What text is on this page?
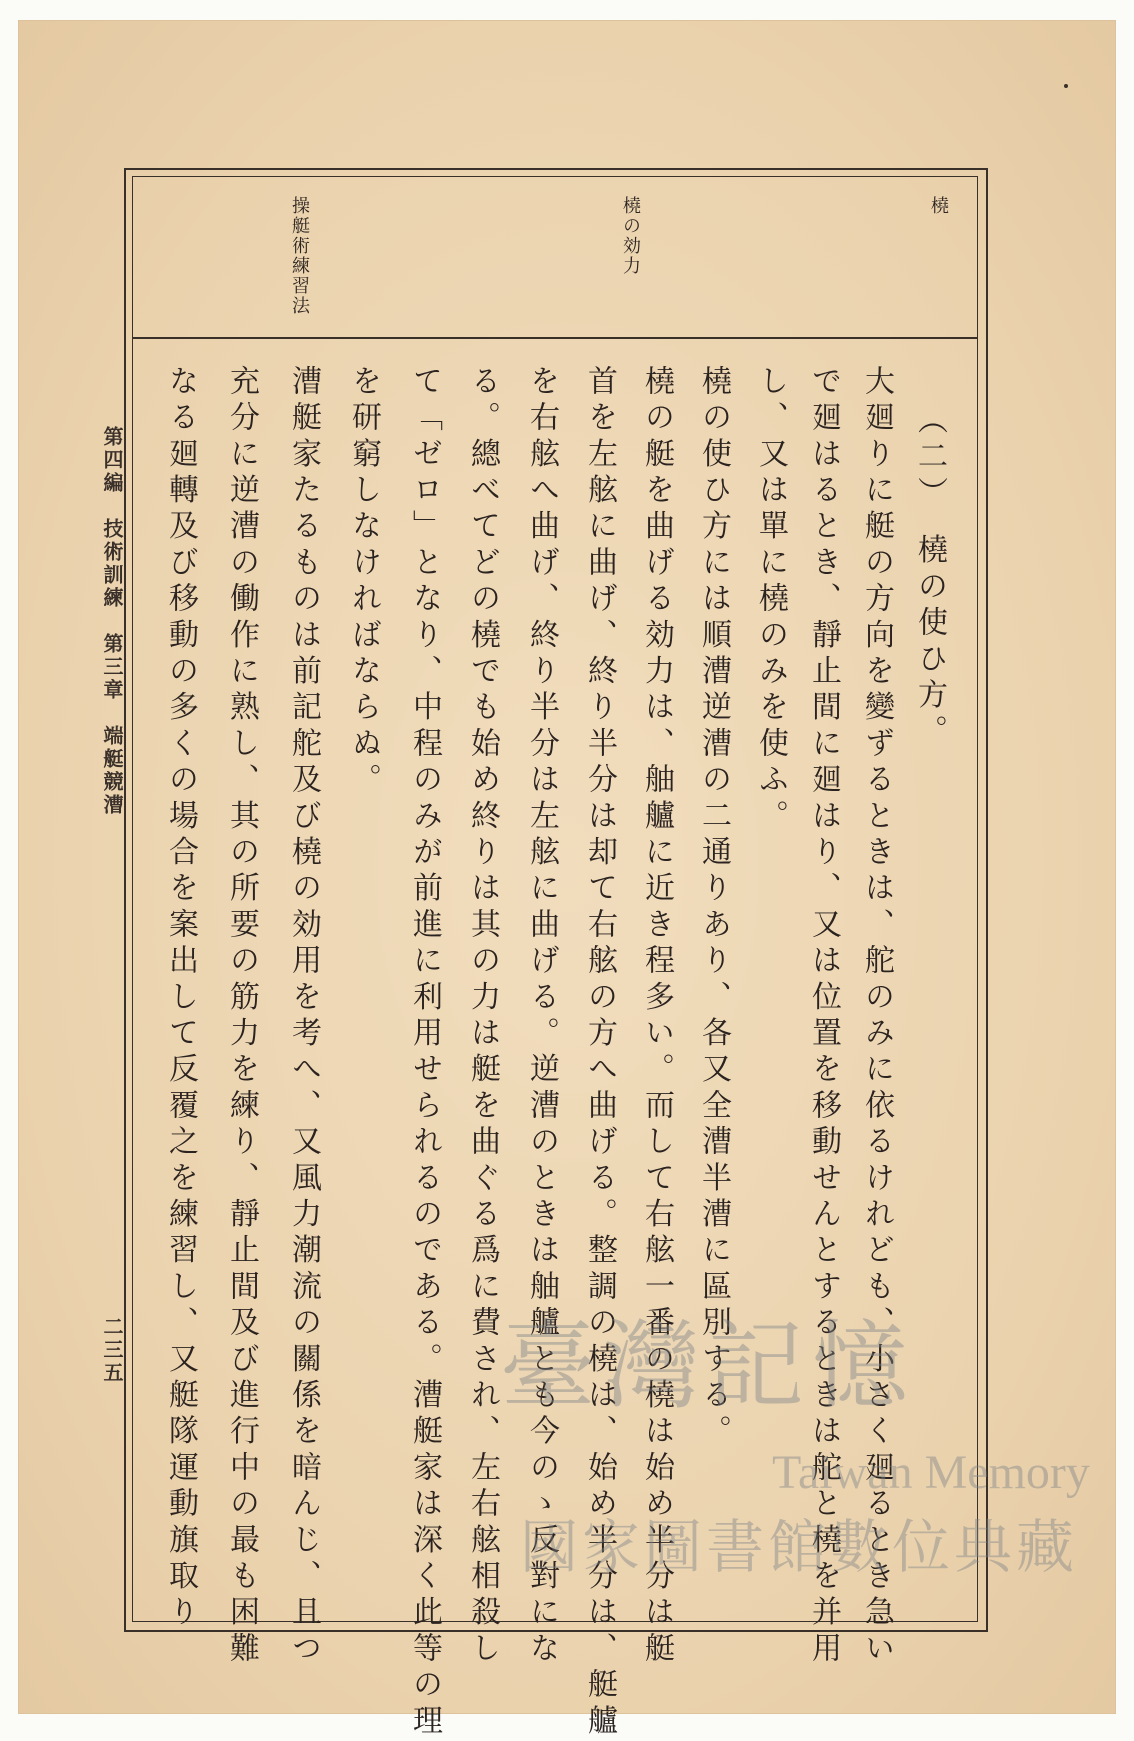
橈
橈の効力
操艇術練習法
（二）　橈の使ひ方。
大廻りに艇の方向を變ずるときは、舵のみに依るけれども、小さく廻るとき急い
で廻はるとき、靜止間に廻はり、又は位置を移動せんとするときは舵と橈を并用
し、又は單に橈のみを使ふ。
橈の使ひ方には順漕逆漕の二通りあり、各又全漕半漕に區別する。
橈の艇を曲げる効力は、舳艫に近き程多い。而して右舷一番の橈は始め半分は艇
首を左舷に曲げ、終り半分は却て右舷の方へ曲げる。整調の橈は、始め半分は、艇艫
を右舷へ曲げ、終り半分は左舷に曲げる。逆漕のときは舳艫とも今のゝ反對にな
る。總べてどの橈でも始め終りは其の力は艇を曲ぐる爲に費され、左右舷相殺し
て「ゼロ」となり、中程のみが前進に利用せられるのである。漕艇家は深く此等の理
を研窮しなければならぬ。
漕艇家たるものは前記舵及び橈の効用を考へ、又風力潮流の關係を暗んじ、且つ
充分に逆漕の働作に熟し、其の所要の筋力を練り、靜止間及び進行中の最も困難
なる廻轉及び移動の多くの場合を案出して反覆之を練習し、又艇隊運動旗取り
第四編　技術訓練　第三章　端艇競漕
二三五	臺灣記憶
Taiwan Memory
國家圖書館數位典藏
